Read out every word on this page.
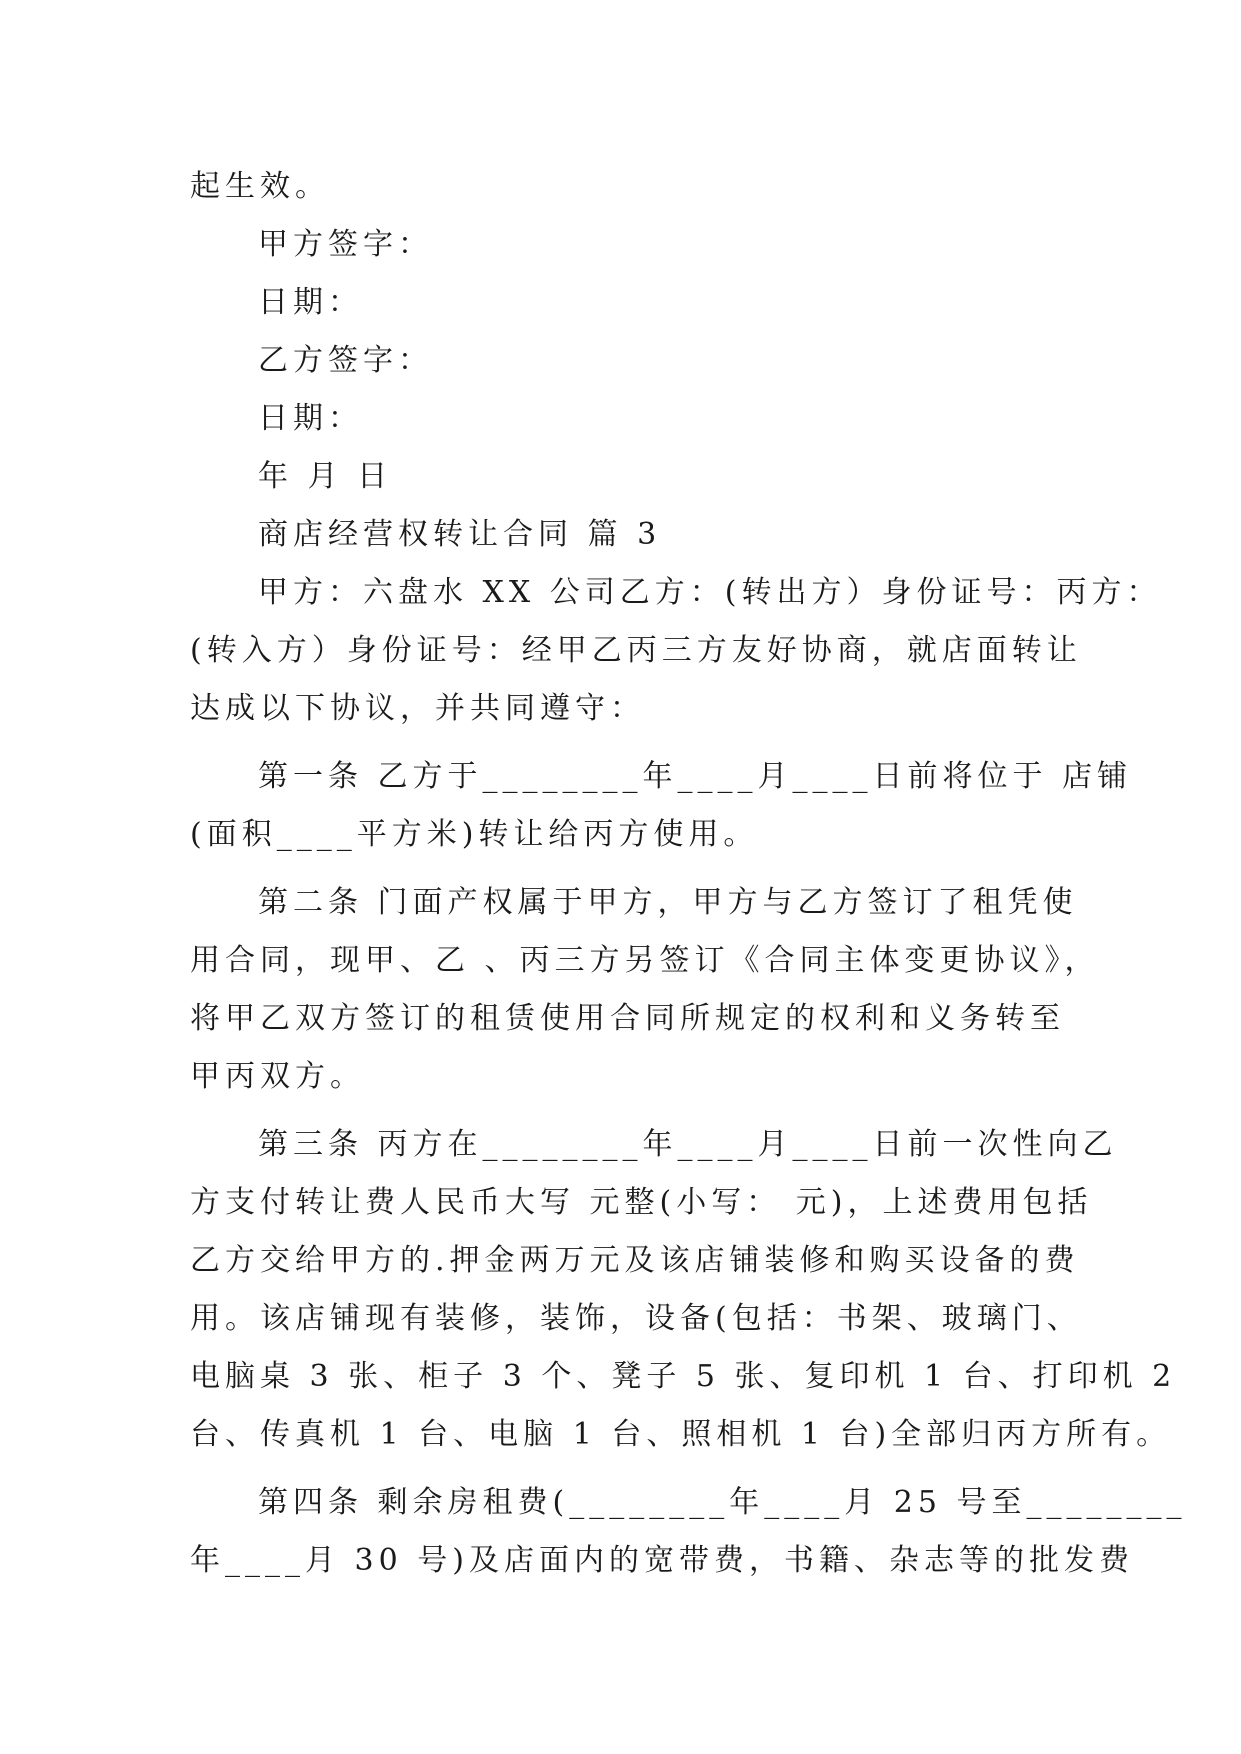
起生效。
甲方签字：
日期：
乙方签字：
日期：
年 月 日
商店经营权转让合同 篇 3
甲方：六盘水 XX 公司乙方：(转出方）身份证号：丙方：
(转入方）身份证号：经甲乙丙三方友好协商，就店面转让
达成以下协议，并共同遵守：
第一条 乙方于________年____月____日前将位于 店铺
(面积____平方米)转让给丙方使用。
第二条 门面产权属于甲方，甲方与乙方签订了租凭使
用合同，现甲、乙 、丙三方另签订《合同主体变更协议》，
将甲乙双方签订的租赁使用合同所规定的权利和义务转至
甲丙双方。
第三条 丙方在________年____月____日前一次性向乙
方支付转让费人民币大写 元整(小写： 元)，上述费用包括
乙方交给甲方的.押金两万元及该店铺装修和购买设备的费
用。该店铺现有装修，装饰，设备(包括：书架、玻璃门、
电脑桌 3 张、柜子 3 个、凳子 5 张、复印机 1 台、打印机 2
台、传真机 1 台、电脑 1 台、照相机 1 台)全部归丙方所有。
第四条 剩余房租费(________年____月 25 号至________
年____月 30 号)及店面内的宽带费，书籍、杂志等的批发费
